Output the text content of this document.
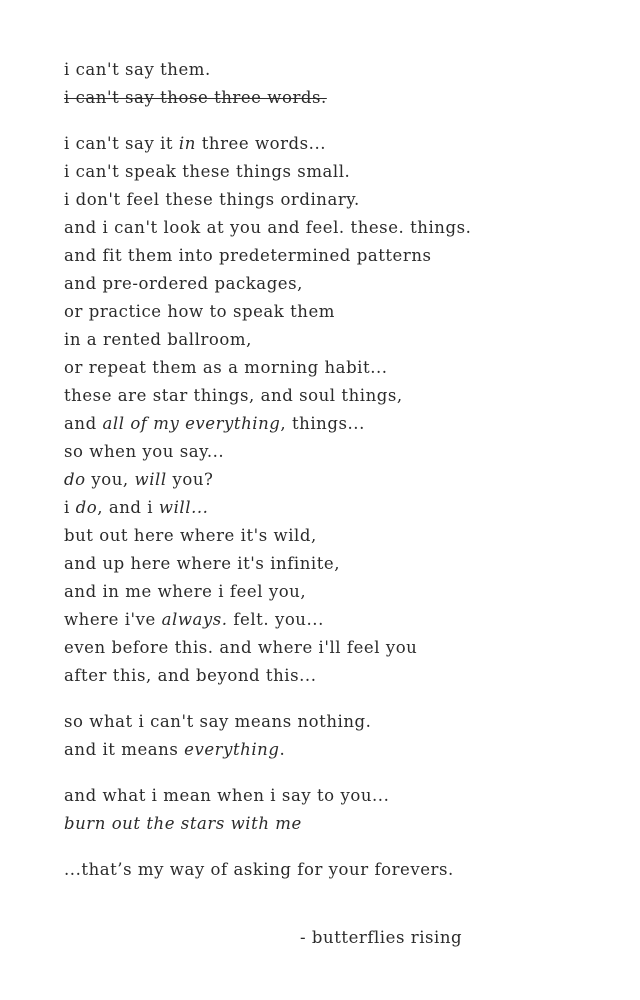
i can't say them.
i can't say those three words.
i can't say it in three words...
i can't speak these things small.
i don't feel these things ordinary.
and i can't look at you and feel. these. things.
and fit them into predetermined patterns
and pre-ordered packages,
or practice how to speak them
in a rented ballroom,
or repeat them as a morning habit...
these are star things, and soul things,
and all of my everything, things...
so when you say...
do you, will you?
i do, and i will...
but out here where it's wild,
and up here where it's infinite,
and in me where i feel you,
where i've always. felt. you...
even before this. and where i'll feel you
after this, and beyond this...
so what i can't say means nothing.
and it means everything.
and what i mean when i say to you...
burn out the stars with me
...that’s my way of asking for your forevers.
- butterflies rising
